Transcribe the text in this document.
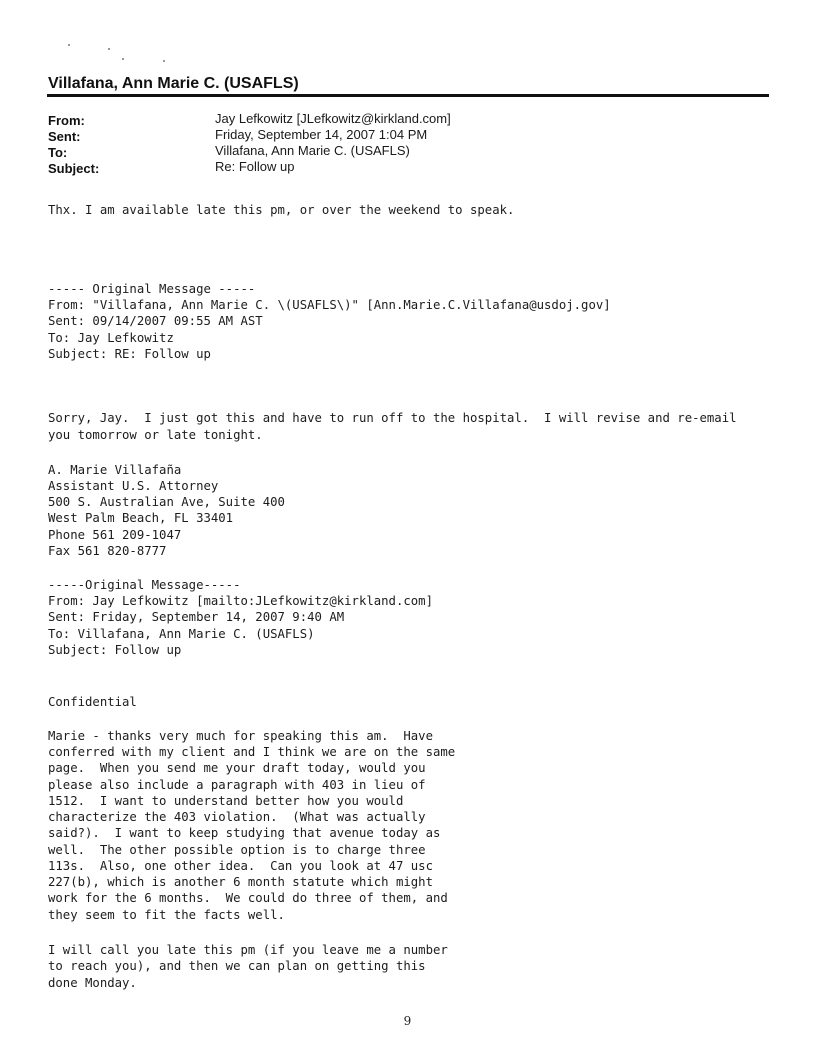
Villafana, Ann Marie C. (USAFLS)
From:	Jay Lefkowitz [JLefkowitz@kirkland.com]
Sent:	Friday, September 14, 2007 1:04 PM
To:	Villafana, Ann Marie C. (USAFLS)
Subject:	Re: Follow up
Thx. I am available late this pm, or over the weekend to speak.
----- Original Message -----
From: "Villafana, Ann Marie C. \(USAFLS\)" [Ann.Marie.C.Villafana@usdoj.gov]
Sent: 09/14/2007 09:55 AM AST
To: Jay Lefkowitz
Subject: RE: Follow up
Sorry, Jay.  I just got this and have to run off to the hospital.  I will revise and re-email
you tomorrow or late tonight.
A. Marie Villafaña
Assistant U.S. Attorney
500 S. Australian Ave, Suite 400
West Palm Beach, FL 33401
Phone 561 209-1047
Fax 561 820-8777
-----Original Message-----
From: Jay Lefkowitz [mailto:JLefkowitz@kirkland.com]
Sent: Friday, September 14, 2007 9:40 AM
To: Villafana, Ann Marie C. (USAFLS)
Subject: Follow up
Confidential
Marie - thanks very much for speaking this am.  Have
conferred with my client and I think we are on the same
page.  When you send me your draft today, would you
please also include a paragraph with 403 in lieu of
1512.  I want to understand better how you would
characterize the 403 violation.  (What was actually
said?).  I want to keep studying that avenue today as
well.  The other possible option is to charge three
113s.  Also, one other idea.  Can you look at 47 usc
227(b), which is another 6 month statute which might
work for the 6 months.  We could do three of them, and
they seem to fit the facts well.
I will call you late this pm (if you leave me a number
to reach you), and then we can plan on getting this
done Monday.
9
